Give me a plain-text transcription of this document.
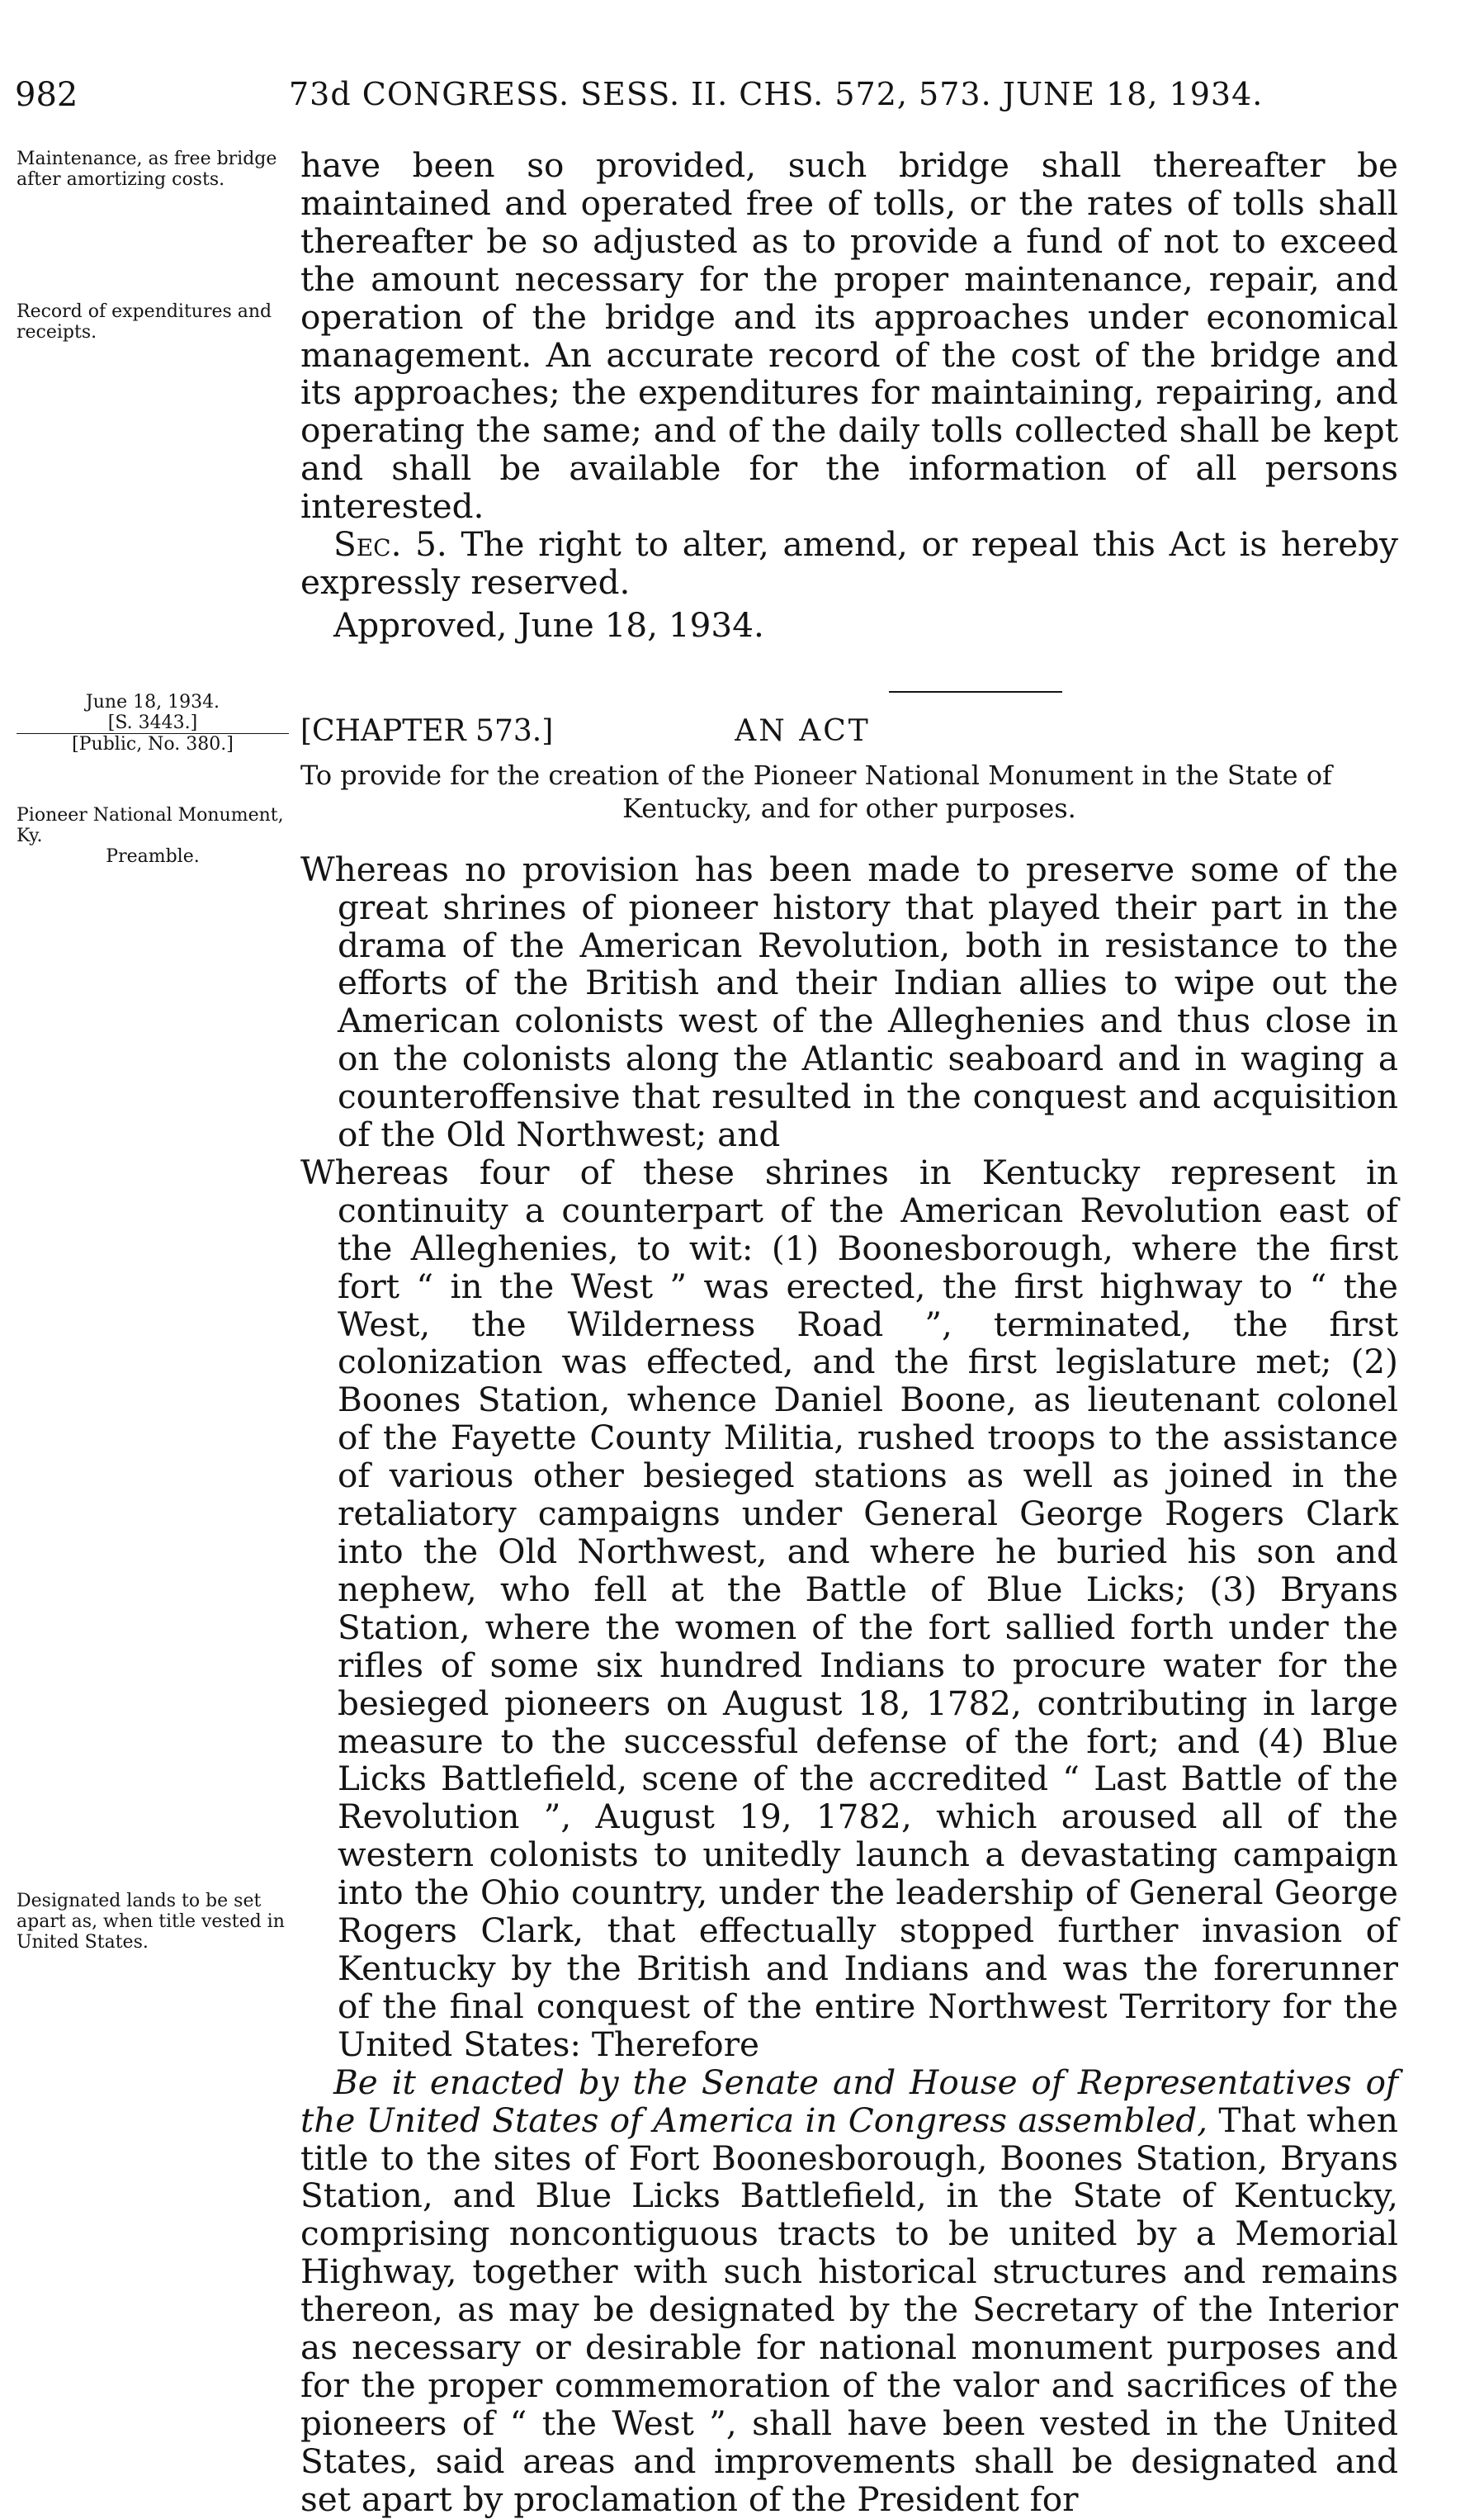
982	73d CONGRESS. SESS. II. CHS. 572, 573. JUNE 18, 1934.

Maintenance, as free bridge after amortizing costs.

Record of expenditures and receipts.

June 18, 1934.

[S. 3443.]

[Public, No. 380.]

Pioneer National Monument, Ky.

Preamble.

Designated lands to be set apart as, when title vested in United States.

have been so provided, such bridge shall thereafter be maintained and operated free of tolls, or the rates of tolls shall thereafter be so adjusted as to provide a fund of not to exceed the amount necessary for the proper maintenance, repair, and operation of the bridge and its approaches under economical management. An accurate record of the cost of the bridge and its approaches; the expenditures for maintaining, repairing, and operating the same; and of the daily tolls collected shall be kept and shall be available for the information of all persons interested.

Sec. 5. The right to alter, amend, or repeal this Act is hereby expressly reserved.

Approved, June 18, 1934.

[CHAPTER 573.]	AN ACT

To provide for the creation of the Pioneer National Monument in the State of

Kentucky, and for other purposes.

Whereas no provision has been made to preserve some of the great shrines of pioneer history that played their part in the drama of the American Revolution, both in resistance to the efforts of the British and their Indian allies to wipe out the American colonists west of the Alleghenies and thus close in on the colonists along the Atlantic seaboard and in waging a counteroffensive that resulted in the conquest and acquisition of the Old Northwest; and

Whereas four of these shrines in Kentucky represent in continuity a counterpart of the American Revolution east of the Alleghenies, to wit: (1) Boonesborough, where the first fort “ in the West ” was erected, the first highway to “ the West, the Wilderness Road ”, terminated, the first colonization was effected, and the first legislature met; (2) Boones Station, whence Daniel Boone, as lieutenant colonel of the Fayette County Militia, rushed troops to the assistance of various other besieged stations as well as joined in the retaliatory campaigns under General George Rogers Clark into the Old Northwest, and where he buried his son and nephew, who fell at the Battle of Blue Licks; (3) Bryans Station, where the women of the fort sallied forth under the rifles of some six hundred Indians to procure water for the besieged pioneers on August 18, 1782, contributing in large measure to the successful defense of the fort; and (4) Blue Licks Battlefield, scene of the accredited “ Last Battle of the Revolution ”, August 19, 1782, which aroused all of the western colonists to unitedly launch a devastating campaign into the Ohio country, under the leadership of General George Rogers Clark, that effectually stopped further invasion of Kentucky by the British and Indians and was the forerunner of the final conquest of the entire Northwest Territory for the United States: Therefore

Be it enacted by the Senate and House of Representatives of the United States of America in Congress assembled, That when title to the sites of Fort Boonesborough, Boones Station, Bryans Station, and Blue Licks Battlefield, in the State of Kentucky, comprising noncontiguous tracts to be united by a Memorial Highway, together with such historical structures and remains thereon, as may be designated by the Secretary of the Interior as necessary or desirable for national monument purposes and for the proper commemoration of the valor and sacrifices of the pioneers of “ the West ”, shall have been vested in the United States, said areas and improvements shall be designated and set apart by proclamation of the President for
